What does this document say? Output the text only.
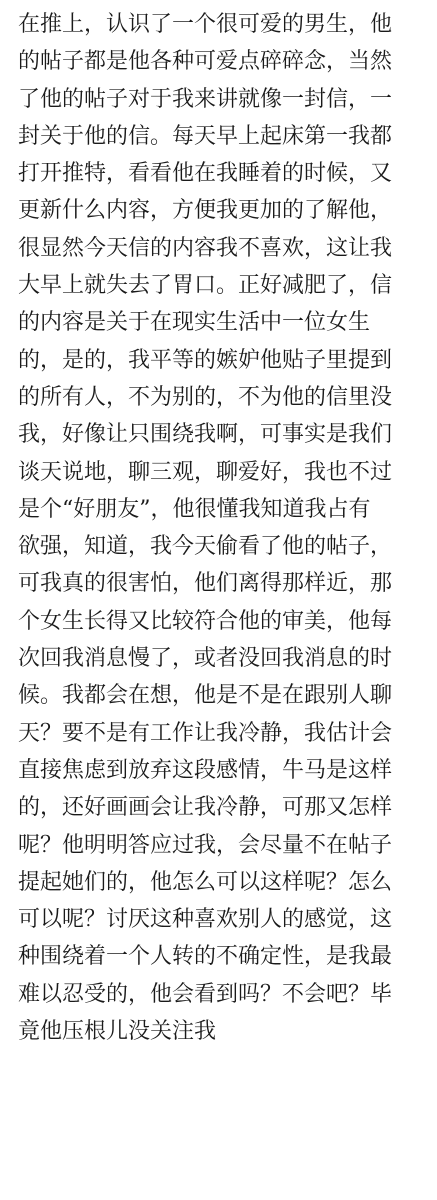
在推上，认识了一个很可爱的男生，他
的帖子都是他各种可爱点碎碎念，当然
了他的帖子对于我来讲就像一封信，一
封关于他的信。每天早上起床第一我都
打开推特，看看他在我睡着的时候，又
更新什么内容，方便我更加的了解他，
很显然今天信的内容我不喜欢，这让我
大早上就失去了胃口。正好减肥了，信
的内容是关于在现实生活中一位女生
的，是的，我平等的嫉妒他贴子里提到
的所有人，不为别的，不为他的信里没
我，好像让只围绕我啊，可事实是我们
谈天说地，聊三观，聊爱好，我也不过
是个“好朋友”，他很懂我知道我占有
欲强，知道，我今天偷看了他的帖子，
可我真的很害怕，他们离得那样近，那
个女生长得又比较符合他的审美，他每
次回我消息慢了，或者没回我消息的时
候。我都会在想，他是不是在跟别人聊
天？要不是有工作让我冷静，我估计会
直接焦虑到放弃这段感情，牛马是这样
的，还好画画会让我冷静，可那又怎样
呢？他明明答应过我，会尽量不在帖子
提起她们的，他怎么可以这样呢？怎么
可以呢？讨厌这种喜欢别人的感觉，这
种围绕着一个人转的不确定性，是我最
难以忍受的，他会看到吗？不会吧？毕
竟他压根儿没关注我
